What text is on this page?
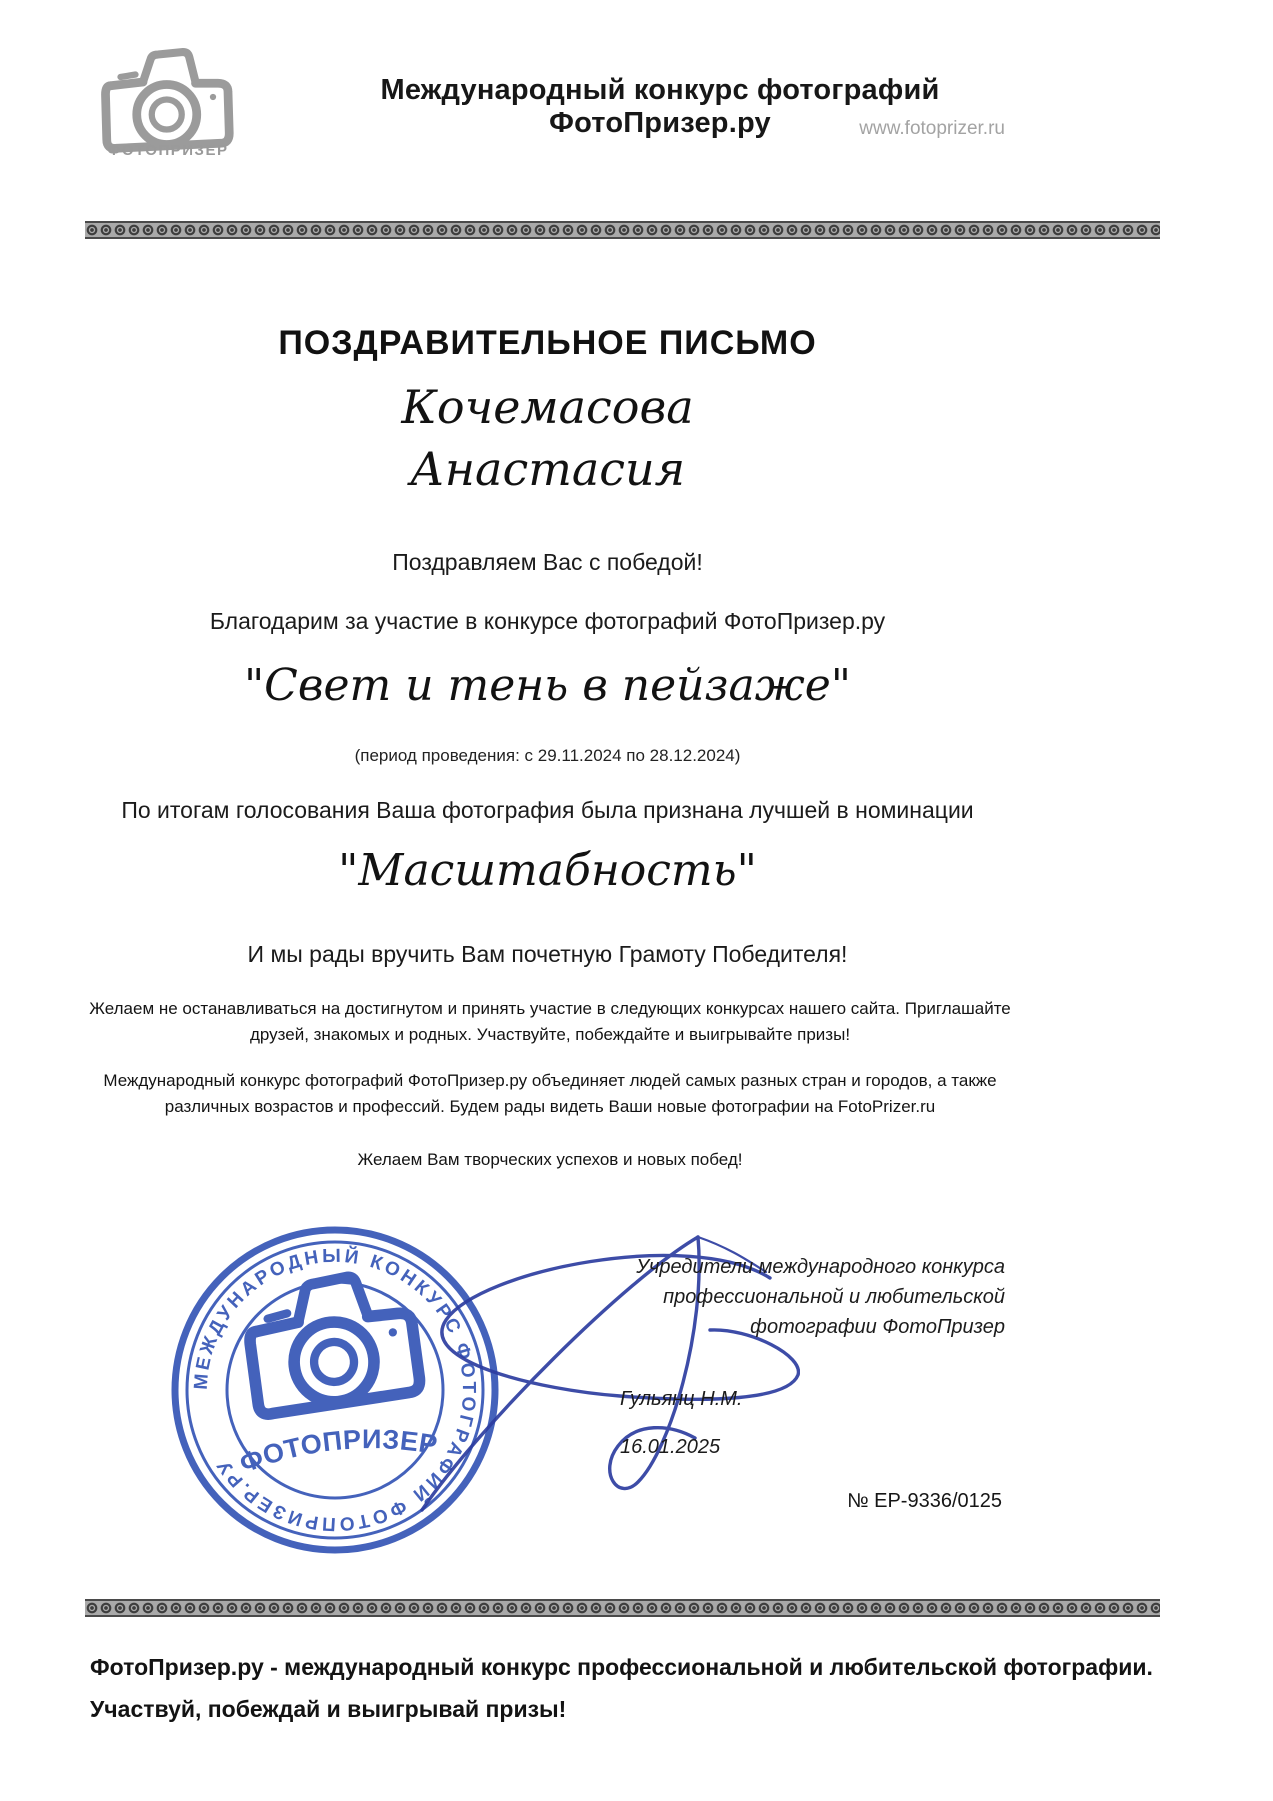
ФОТОПРИЗЕР
Международный конкурс фотографий ФотоПризер.ру	www.fotoprizer.ru
ПОЗДРАВИТЕЛЬНОЕ ПИСЬМО
Кочемасова
Анастасия
Поздравляем Вас с победой!
Благодарим за участие в конкурсе фотографий ФотоПризер.ру
"Свет и тень в пейзаже"
(период проведения: с 29.11.2024 по 28.12.2024)
По итогам голосования Ваша фотография была признана лучшей в номинации
"Масштабность"
И мы рады вручить Вам почетную Грамоту Победителя!
Желаем не останавливаться на достигнутом и принять участие в следующих конкурсах нашего сайта. Приглашайте друзей, знакомых и родных. Участвуйте, побеждайте и выигрывайте призы!
Международный конкурс фотографий ФотоПризер.ру объединяет людей самых разных стран и городов, а также различных возрастов и профессий. Будем рады видеть Ваши новые фотографии на FotoPrizer.ru
Желаем Вам творческих успехов и новых побед!
МЕЖДУНАРОДНЫЙ КОНКУРС ФОТОГРАФИЙ ФОТОПРИЗЕР.РУ
ФОТОПРИЗЕР
Учредители международного конкурса
профессиональной и любительской
фотографии ФотоПризер
Гульянц Н.М.
16.01.2025
№ ЕР-9336/0125
ФотоПризер.ру - международный конкурс профессиональной и любительской фотографии.
Участвуй, побеждай и выигрывай призы!
